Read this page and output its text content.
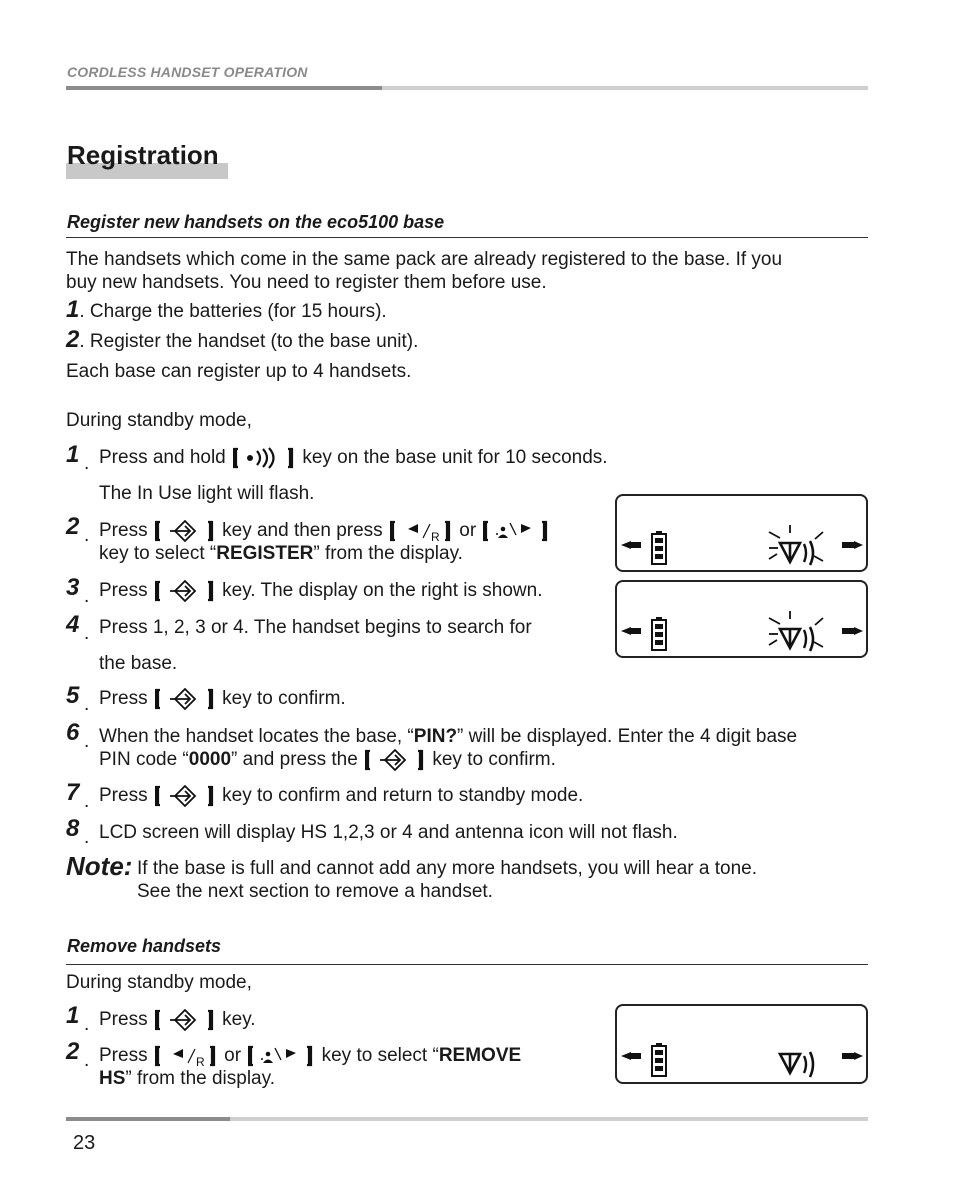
CORDLESS HANDSET OPERATION
Registration
Register new handsets on the eco5100 base
The handsets which come in the same pack are already registered to the base. If you
buy new handsets. You need to register them before use.
1. Charge the batteries (for 15 hours).
2. Register the handset (to the base unit).
Each base can register up to 4 handsets.
During standby mode,
1 . Press and hold	key on the base unit for 10 seconds.
The In Use light will flash.
2 . Press	key and then press	R or
key to select “REGISTER” from the display.
3 . Press	key. The display on the right is shown.
4 . Press 1, 2, 3 or 4. The handset begins to search for
the base.
5 . Press	key to confirm.
6 . When the handset locates the base, “PIN?” will be displayed. Enter the 4 digit base
PIN code “0000” and press the	key to confirm.
7 . Press	key to confirm and return to standby mode.
8 . LCD screen will display HS 1,2,3 or 4 and antenna icon will not flash.
Note: If the base is full and cannot add any more handsets, you will hear a tone.
See the next section to remove a handset.
Remove handsets
During standby mode,
1 . Press	key.
2 . Press	R or	key to select “REMOVE
HS” from the display.
23
